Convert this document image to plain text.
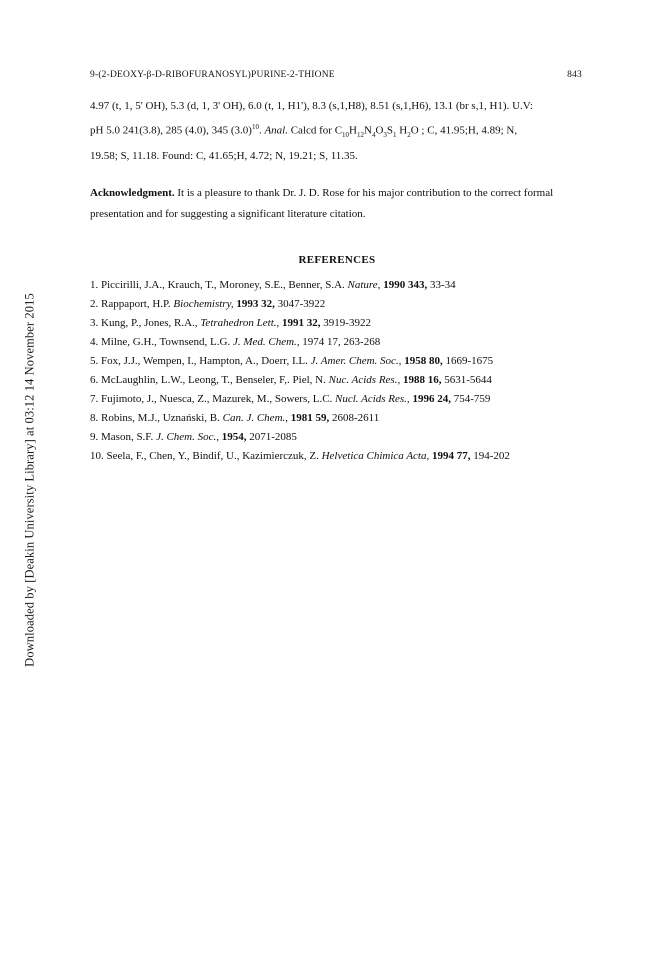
Downloaded by [Deakin University Library] at 03:12 14 November 2015
9-(2-DEOXY-β-D-RIBOFURANOSYL)PURINE-2-THIONE	843
4.97 (t, 1, 5' OH), 5.3 (d, 1, 3' OH), 6.0 (t, 1, H1'), 8.3 (s,1,H8), 8.51 (s,1,H6), 13.1 (br s,1, H1). U.V:
pH 5.0 241(3.8), 285 (4.0), 345 $(3.0)^{10}$. Anal. Calcd for $C_{10}H_{12}N_4O_3S_1$ $H_2O$ ; C, 41.95;H, 4.89; N,
19.58; S, 11.18. Found: C, 41.65;H, 4.72; N, 19.21; S, 11.35.
Acknowledgment. It is a pleasure to thank Dr. J. D. Rose for his major contribution to the correct formal presentation and for suggesting a significant literature citation.
REFERENCES
1. Piccirilli, J.A., Krauch, T., Moroney, S.E., Benner, S.A. Nature, 1990 343, 33-34
2. Rappaport, H.P. Biochemistry, 1993 32, 3047-3922
3. Kung, P., Jones, R.A., Tetrahedron Lett., 1991 32, 3919-3922
4. Milne, G.H., Townsend, L.G. J. Med. Chem., 1974 17, 263-268
5. Fox, J.J., Wempen, I., Hampton, A., Doerr, I.L. J. Amer. Chem. Soc., 1958 80, 1669-1675
6. McLaughlin, L.W., Leong, T., Benseler, F,. Piel, N. Nuc. Acids Res., 1988 16, 5631-5644
7. Fujimoto, J., Nuesca, Z., Mazurek, M., Sowers, L.C. Nucl. Acids Res., 1996 24, 754-759
8. Robins, M.J., Uznański, B. Can. J. Chem., 1981 59, 2608-2611
9. Mason, S.F. J. Chem. Soc., 1954, 2071-2085
10. Seela, F., Chen, Y., Bindif, U., Kazimierczuk, Z. Helvetica Chimica Acta, 1994 77, 194-202
